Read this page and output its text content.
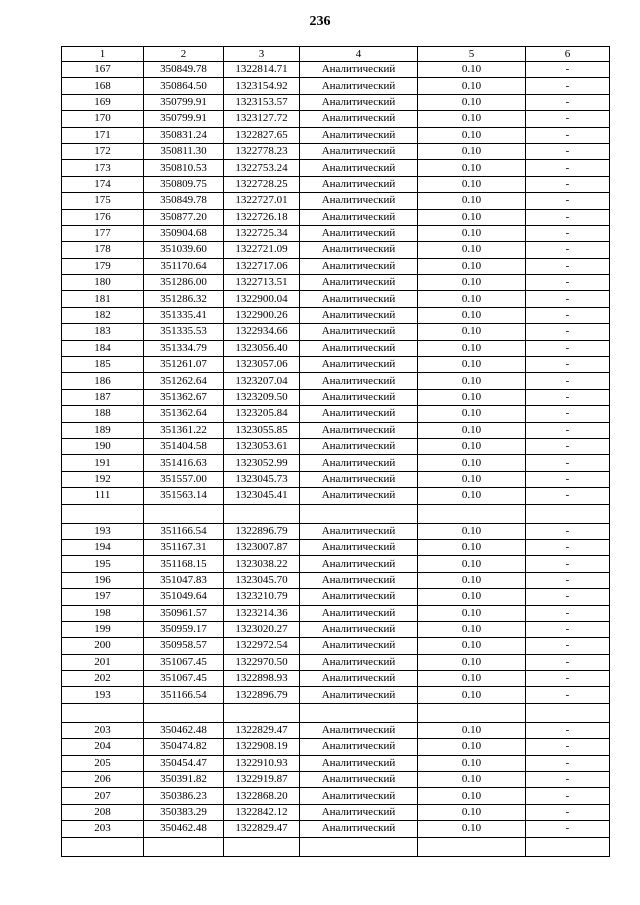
236
1	2	3	4	5	6
167	350849.78	1322814.71	Аналитический	0.10	-
168	350864.50	1323154.92	Аналитический	0.10	-
169	350799.91	1323153.57	Аналитический	0.10	-
170	350799.91	1323127.72	Аналитический	0.10	-
171	350831.24	1322827.65	Аналитический	0.10	-
172	350811.30	1322778.23	Аналитический	0.10	-
173	350810.53	1322753.24	Аналитический	0.10	-
174	350809.75	1322728.25	Аналитический	0.10	-
175	350849.78	1322727.01	Аналитический	0.10	-
176	350877.20	1322726.18	Аналитический	0.10	-
177	350904.68	1322725.34	Аналитический	0.10	-
178	351039.60	1322721.09	Аналитический	0.10	-
179	351170.64	1322717.06	Аналитический	0.10	-
180	351286.00	1322713.51	Аналитический	0.10	-
181	351286.32	1322900.04	Аналитический	0.10	-
182	351335.41	1322900.26	Аналитический	0.10	-
183	351335.53	1322934.66	Аналитический	0.10	-
184	351334.79	1323056.40	Аналитический	0.10	-
185	351261.07	1323057.06	Аналитический	0.10	-
186	351262.64	1323207.04	Аналитический	0.10	-
187	351362.67	1323209.50	Аналитический	0.10	-
188	351362.64	1323205.84	Аналитический	0.10	-
189	351361.22	1323055.85	Аналитический	0.10	-
190	351404.58	1323053.61	Аналитический	0.10	-
191	351416.63	1323052.99	Аналитический	0.10	-
192	351557.00	1323045.73	Аналитический	0.10	-
111	351563.14	1323045.41	Аналитический	0.10	-

193	351166.54	1322896.79	Аналитический	0.10	-
194	351167.31	1323007.87	Аналитический	0.10	-
195	351168.15	1323038.22	Аналитический	0.10	-
196	351047.83	1323045.70	Аналитический	0.10	-
197	351049.64	1323210.79	Аналитический	0.10	-
198	350961.57	1323214.36	Аналитический	0.10	-
199	350959.17	1323020.27	Аналитический	0.10	-
200	350958.57	1322972.54	Аналитический	0.10	-
201	351067.45	1322970.50	Аналитический	0.10	-
202	351067.45	1322898.93	Аналитический	0.10	-
193	351166.54	1322896.79	Аналитический	0.10	-

203	350462.48	1322829.47	Аналитический	0.10	-
204	350474.82	1322908.19	Аналитический	0.10	-
205	350454.47	1322910.93	Аналитический	0.10	-
206	350391.82	1322919.87	Аналитический	0.10	-
207	350386.23	1322868.20	Аналитический	0.10	-
208	350383.29	1322842.12	Аналитический	0.10	-
203	350462.48	1322829.47	Аналитический	0.10	-
